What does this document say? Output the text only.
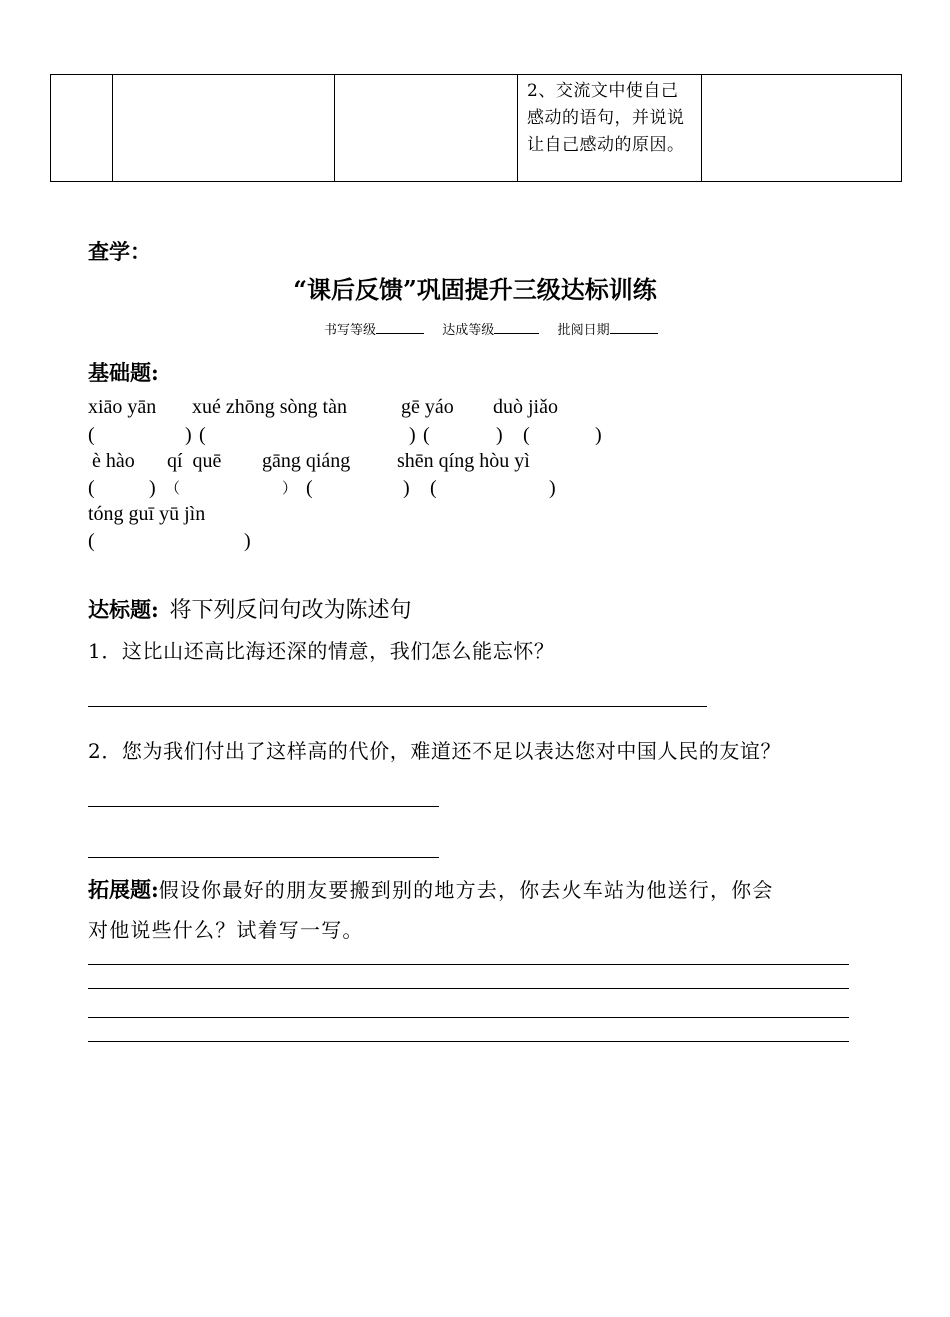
2、交流文中使自己感动的语句，并说说让自己感动的原因。

查学：
“课后反馈”巩固提升三级达标训练
书写等级	达成等级	批阅日期
基础题:
xiāo yān xué zhōng sòng tàn	gē yáo duò jiǎo
(	) (	) (	) (	)
è hào qí  quē gāng qiáng shēn qíng hòu yì
(	) （	） (	) (	)
tóng guī yū jìn
(	)
达标题: 将下列反问句改为陈述句
1．这比山还高比海还深的情意，我们怎么能忘怀？
2．您为我们付出了这样高的代价，难道还不足以表达您对中国人民的友谊？
拓展题:假设你最好的朋友要搬到别的地方去，你去火车站为他送行，你会
对他说些什么？试着写一写。
